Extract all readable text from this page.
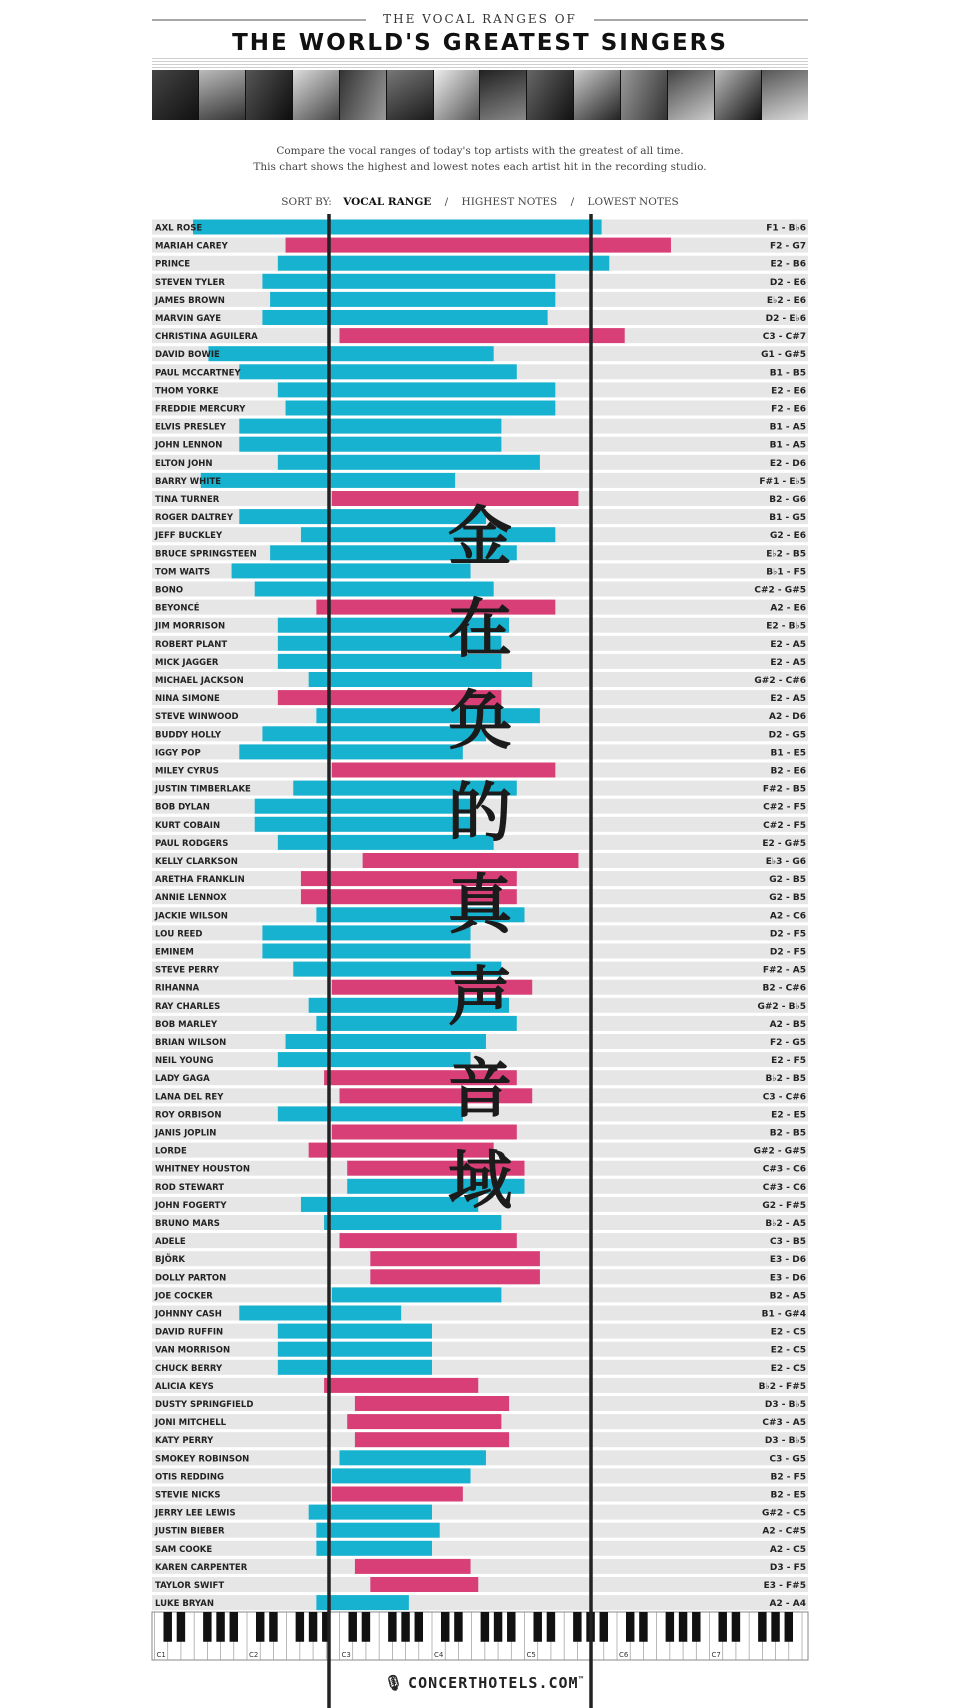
THE VOCAL RANGES OF
THE WORLD'S GREATEST SINGERS
Compare the vocal ranges of today's top artists with the greatest of all time.
This chart shows the highest and lowest notes each artist hit in the recording studio.
SORT BY: VOCAL RANGE / HIGHEST NOTES / LOWEST NOTES
AXL ROSE	F1 - B♭6
MARIAH CAREY	F2 - G7
PRINCE	E2 - B6
STEVEN TYLER	D2 - E6
JAMES BROWN	E♭2 - E6
MARVIN GAYE	D2 - E♭6
CHRISTINA AGUILERA	C3 - C#7
DAVID BOWIE	G1 - G#5
PAUL MCCARTNEY	B1 - B5
THOM YORKE	E2 - E6
FREDDIE MERCURY	F2 - E6
ELVIS PRESLEY	B1 - A5
JOHN LENNON	B1 - A5
ELTON JOHN	E2 - D6
BARRY WHITE	F#1 - E♭5
TINA TURNER	B2 - G6
ROGER DALTREY	B1 - G5
JEFF BUCKLEY	G2 - E6
BRUCE SPRINGSTEEN	E♭2 - B5
TOM WAITS	B♭1 - F5
BONO	C#2 - G#5
BEYONCÉ	A2 - E6
JIM MORRISON	E2 - B♭5
ROBERT PLANT	E2 - A5
MICK JAGGER	E2 - A5
MICHAEL JACKSON	G#2 - C#6
NINA SIMONE	E2 - A5
STEVE WINWOOD	A2 - D6
BUDDY HOLLY	D2 - G5
IGGY POP	B1 - E5
MILEY CYRUS	B2 - E6
JUSTIN TIMBERLAKE	F#2 - B5
BOB DYLAN	C#2 - F5
KURT COBAIN	C#2 - F5
PAUL RODGERS	E2 - G#5
KELLY CLARKSON	E♭3 - G6
ARETHA FRANKLIN	G2 - B5
ANNIE LENNOX	G2 - B5
JACKIE WILSON	A2 - C6
LOU REED	D2 - F5
EMINEM	D2 - F5
STEVE PERRY	F#2 - A5
RIHANNA	B2 - C#6
RAY CHARLES	G#2 - B♭5
BOB MARLEY	A2 - B5
BRIAN WILSON	F2 - G5
NEIL YOUNG	E2 - F5
LADY GAGA	B♭2 - B5
LANA DEL REY	C3 - C#6
ROY ORBISON	E2 - E5
JANIS JOPLIN	B2 - B5
LORDE	G#2 - G#5
WHITNEY HOUSTON	C#3 - C6
ROD STEWART	C#3 - C6
JOHN FOGERTY	G2 - F#5
BRUNO MARS	B♭2 - A5
ADELE	C3 - B5
BJÖRK	E3 - D6
DOLLY PARTON	E3 - D6
JOE COCKER	B2 - A5
JOHNNY CASH	B1 - G#4
DAVID RUFFIN	E2 - C5
VAN MORRISON	E2 - C5
CHUCK BERRY	E2 - C5
ALICIA KEYS	B♭2 - F#5
DUSTY SPRINGFIELD	D3 - B♭5
JONI MITCHELL	C#3 - A5
KATY PERRY	D3 - B♭5
SMOKEY ROBINSON	C3 - G5
OTIS REDDING	B2 - F5
STEVIE NICKS	B2 - E5
JERRY LEE LEWIS	G#2 - C5
JUSTIN BIEBER	A2 - C#5
SAM COOKE	A2 - C5
KAREN CARPENTER	D3 - F5
TAYLOR SWIFT	E3 - F#5
LUKE BRYAN	A2 - A4
C1	C2	C3	C4	C5	C6	C7
金在奂的真声音域
🎙 CONCERTHOTELS.COM™
